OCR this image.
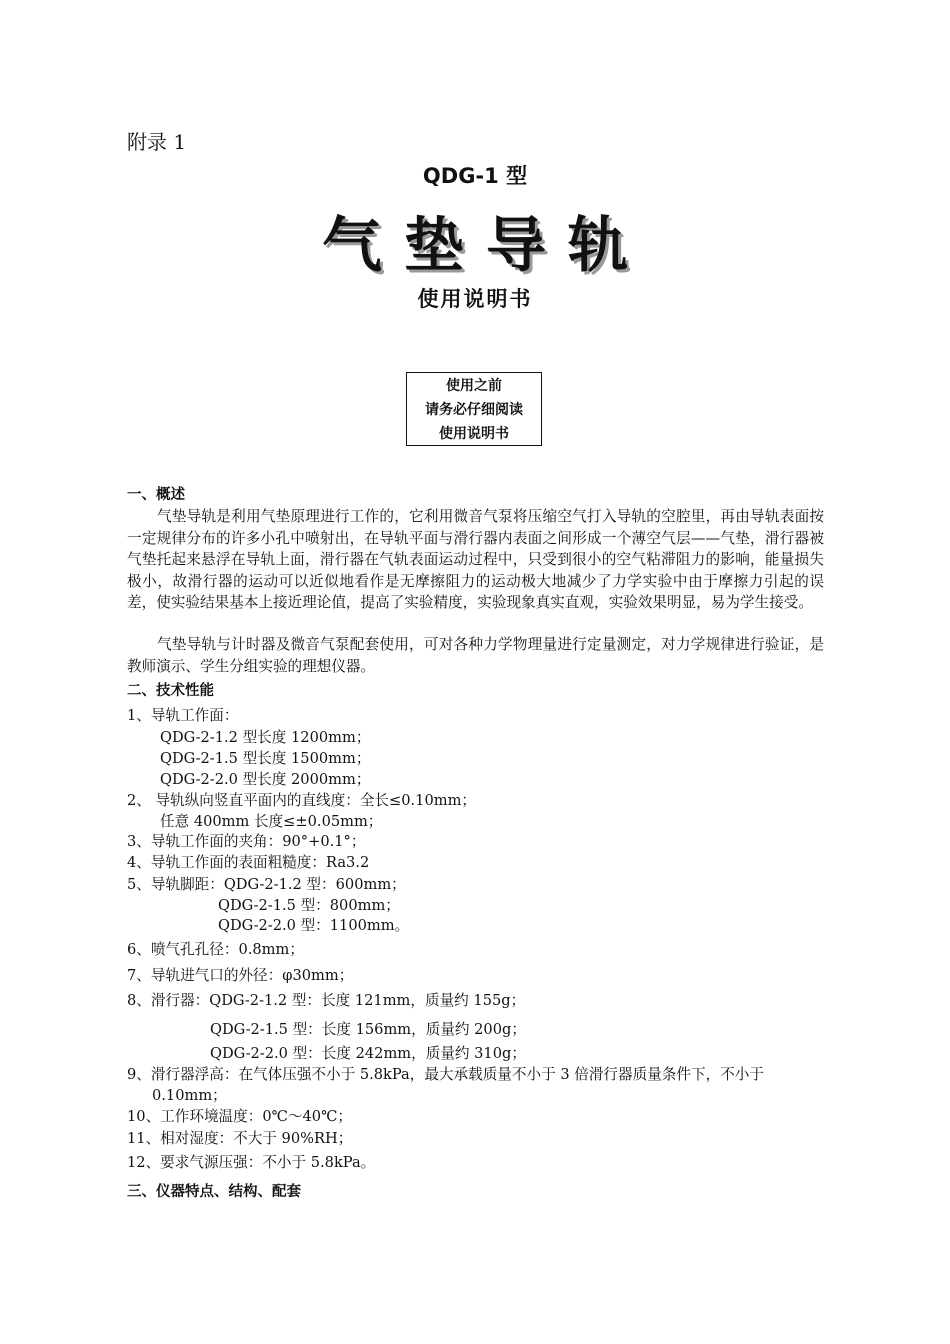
附录 1
QDG-1 型
气垫导轨
使用说明书
使用之前
请务必仔细阅读
使用说明书
一、概述
气垫导轨是利用气垫原理进行工作的，它利用微音气泵将压缩空气打入导轨的空腔里，再由导轨表面按一定规律分布的许多小孔中喷射出，在导轨平面与滑行器内表面之间形成一个薄空气层——气垫，滑行器被气垫托起来悬浮在导轨上面，滑行器在气轨表面运动过程中，只受到很小的空气粘滞阻力的影响，能量损失极小，故滑行器的运动可以近似地看作是无摩擦阻力的运动极大地减少了力学实验中由于摩擦力引起的误差，使实验结果基本上接近理论值，提高了实验精度，实验现象真实直观，实验效果明显，易为学生接受。
气垫导轨与计时器及微音气泵配套使用，可对各种力学物理量进行定量测定，对力学规律进行验证，是教师演示、学生分组实验的理想仪器。
二、技术性能
1、导轨工作面：
QDG-2-1.2 型长度 1200mm；
QDG-2-1.5 型长度 1500mm；
QDG-2-2.0 型长度 2000mm；
2、 导轨纵向竖直平面内的直线度：全长≤0.10mm；
任意 400mm 长度≤±0.05mm；
3、导轨工作面的夹角：90°+0.1°；
4、导轨工作面的表面粗糙度：Ra3.2
5、导轨脚距：QDG-2-1.2 型：600mm；
QDG-2-1.5 型：800mm；
QDG-2-2.0 型：1100mm。
6、喷气孔孔径：0.8mm；
7、导轨进气口的外径：φ30mm；
8、滑行器：QDG-2-1.2 型：长度 121mm，质量约 155g；
QDG-2-1.5 型：长度 156mm，质量约 200g；
QDG-2-2.0 型：长度 242mm，质量约 310g；
9、滑行器浮高：在气体压强不小于 5.8kPa，最大承载质量不小于 3 倍滑行器质量条件下，不小于
0.10mm；
10、工作环境温度：0℃～40℃；
11、相对湿度：不大于 90%RH；
12、要求气源压强：不小于 5.8kPa。
三、仪器特点、结构、配套
